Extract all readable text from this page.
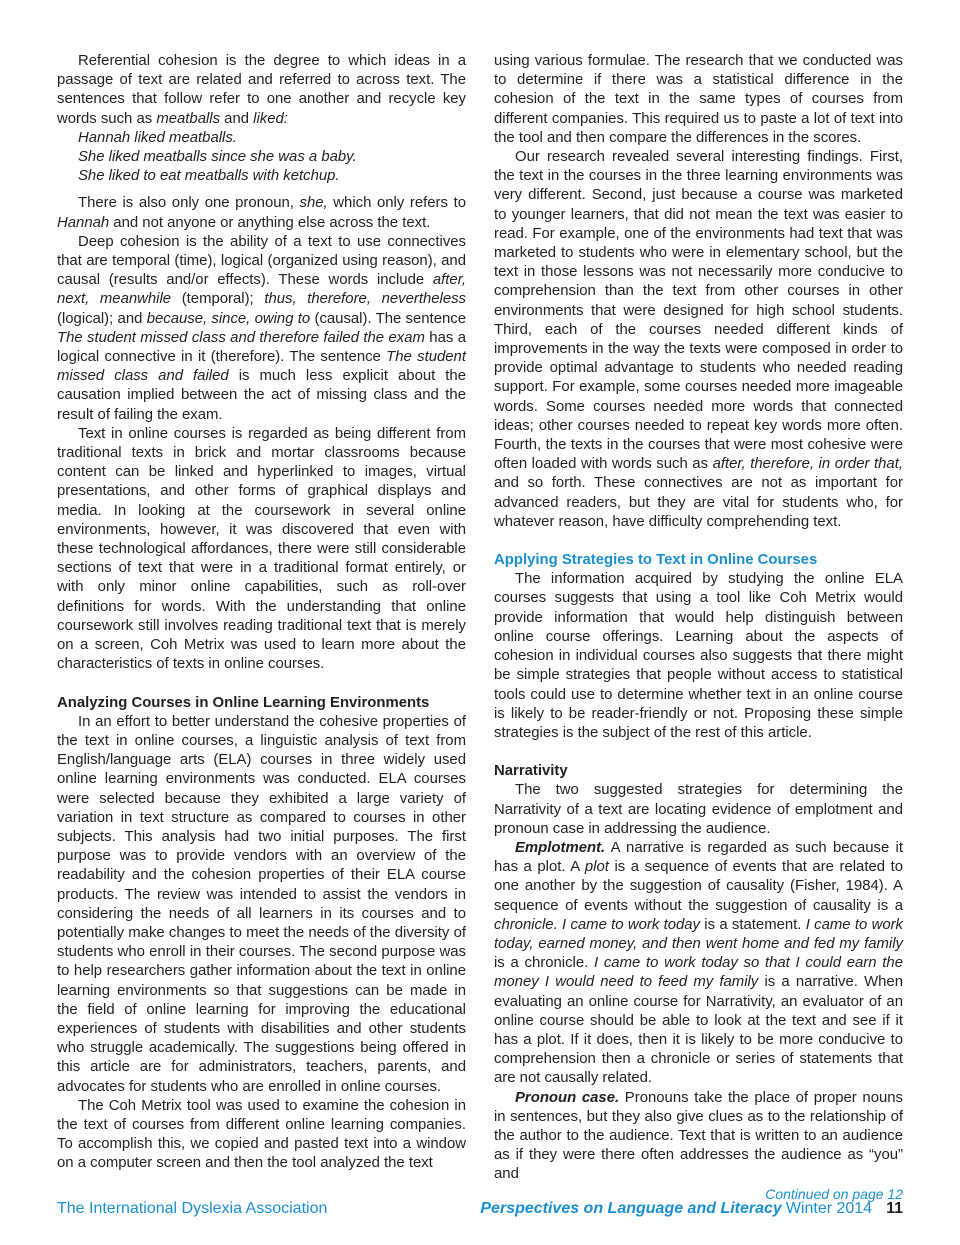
Referential cohesion is the degree to which ideas in a passage of text are related and referred to across text. The sentences that follow refer to one another and recycle key words such as meatballs and liked:

Hannah liked meatballs.

She liked meatballs since she was a baby.

She liked to eat meatballs with ketchup.

There is also only one pronoun, she, which only refers to Hannah and not anyone or anything else across the text.

Deep cohesion is the ability of a text to use connectives that are temporal (time), logical (organized using reason), and causal (results and/or effects). These words include after, next, meanwhile (temporal); thus, therefore, nevertheless (logical); and because, since, owing to (causal). The sentence The student missed class and therefore failed the exam has a logical connective in it (therefore). The sentence The student missed class and failed is much less explicit about the causation implied between the act of missing class and the result of failing the exam.

Text in online courses is regarded as being different from traditional texts in brick and mortar classrooms because content can be linked and hyperlinked to images, virtual presentations, and other forms of graphical displays and media. In looking at the coursework in several online environments, however, it was discovered that even with these technological affordances, there were still considerable sections of text that were in a traditional format entirely, or with only minor online capabilities, such as roll-over definitions for words. With the understanding that online coursework still involves reading traditional text that is merely on a screen, Coh Metrix was used to learn more about the characteristics of texts in online courses.

Analyzing Courses in Online Learning Environments

In an effort to better understand the cohesive properties of the text in online courses, a linguistic analysis of text from English/language arts (ELA) courses in three widely used online learning environments was conducted. ELA courses were selected because they exhibited a large variety of variation in text structure as compared to courses in other subjects. This analysis had two initial purposes. The first purpose was to provide vendors with an overview of the readability and the cohesion properties of their ELA course products. The review was intended to assist the vendors in considering the needs of all learners in its courses and to potentially make changes to meet the needs of the diversity of students who enroll in their courses. The second purpose was to help researchers gather information about the text in online learning environments so that suggestions can be made in the field of online learning for improving the educational experiences of students with disabilities and other students who struggle academically. The suggestions being offered in this article are for administrators, teachers, parents, and advocates for students who are enrolled in online courses.

The Coh Metrix tool was used to examine the cohesion in the text of courses from different online learning companies. To accomplish this, we copied and pasted text into a window on a computer screen and then the tool analyzed the text

using various formulae. The research that we conducted was to determine if there was a statistical difference in the cohesion of the text in the same types of courses from different companies. This required us to paste a lot of text into the tool and then compare the differences in the scores.

Our research revealed several interesting findings. First, the text in the courses in the three learning environments was very different. Second, just because a course was marketed to younger learners, that did not mean the text was easier to read. For example, one of the environments had text that was marketed to students who were in elementary school, but the text in those lessons was not necessarily more conducive to comprehension than the text from other courses in other environments that were designed for high school students. Third, each of the courses needed different kinds of improvements in the way the texts were composed in order to provide optimal advantage to students who needed reading support. For example, some courses needed more imageable words. Some courses needed more words that connected ideas; other courses needed to repeat key words more often. Fourth, the texts in the courses that were most cohesive were often loaded with words such as after, therefore, in order that, and so forth. These connectives are not as important for advanced readers, but they are vital for students who, for whatever reason, have difficulty comprehending text.

Applying Strategies to Text in Online Courses

The information acquired by studying the online ELA courses suggests that using a tool like Coh Metrix would provide information that would help distinguish between online course offerings. Learning about the aspects of cohesion in individual courses also suggests that there might be simple strategies that people without access to statistical tools could use to determine whether text in an online course is likely to be reader-friendly or not. Proposing these simple strategies is the subject of the rest of this article.

Narrativity

The two suggested strategies for determining the Narrativity of a text are locating evidence of emplotment and pronoun case in addressing the audience.

Emplotment. A narrative is regarded as such because it has a plot. A plot is a sequence of events that are related to one another by the suggestion of causality (Fisher, 1984). A sequence of events without the suggestion of causality is a chronicle. I came to work today is a statement. I came to work today, earned money, and then went home and fed my family is a chronicle. I came to work today so that I could earn the money I would need to feed my family is a narrative. When evaluating an online course for Narrativity, an evaluator of an online course should be able to look at the text and see if it has a plot. If it does, then it is likely to be more conducive to comprehension then a chronicle or series of statements that are not causally related.

Pronoun case. Pronouns take the place of proper nouns in sentences, but they also give clues as to the relationship of the author to the audience. Text that is written to an audience as if they were there often addresses the audience as “you” and

Continued on page 12

The International Dyslexia Association	Perspectives on Language and Literacy Winter 2014 11
